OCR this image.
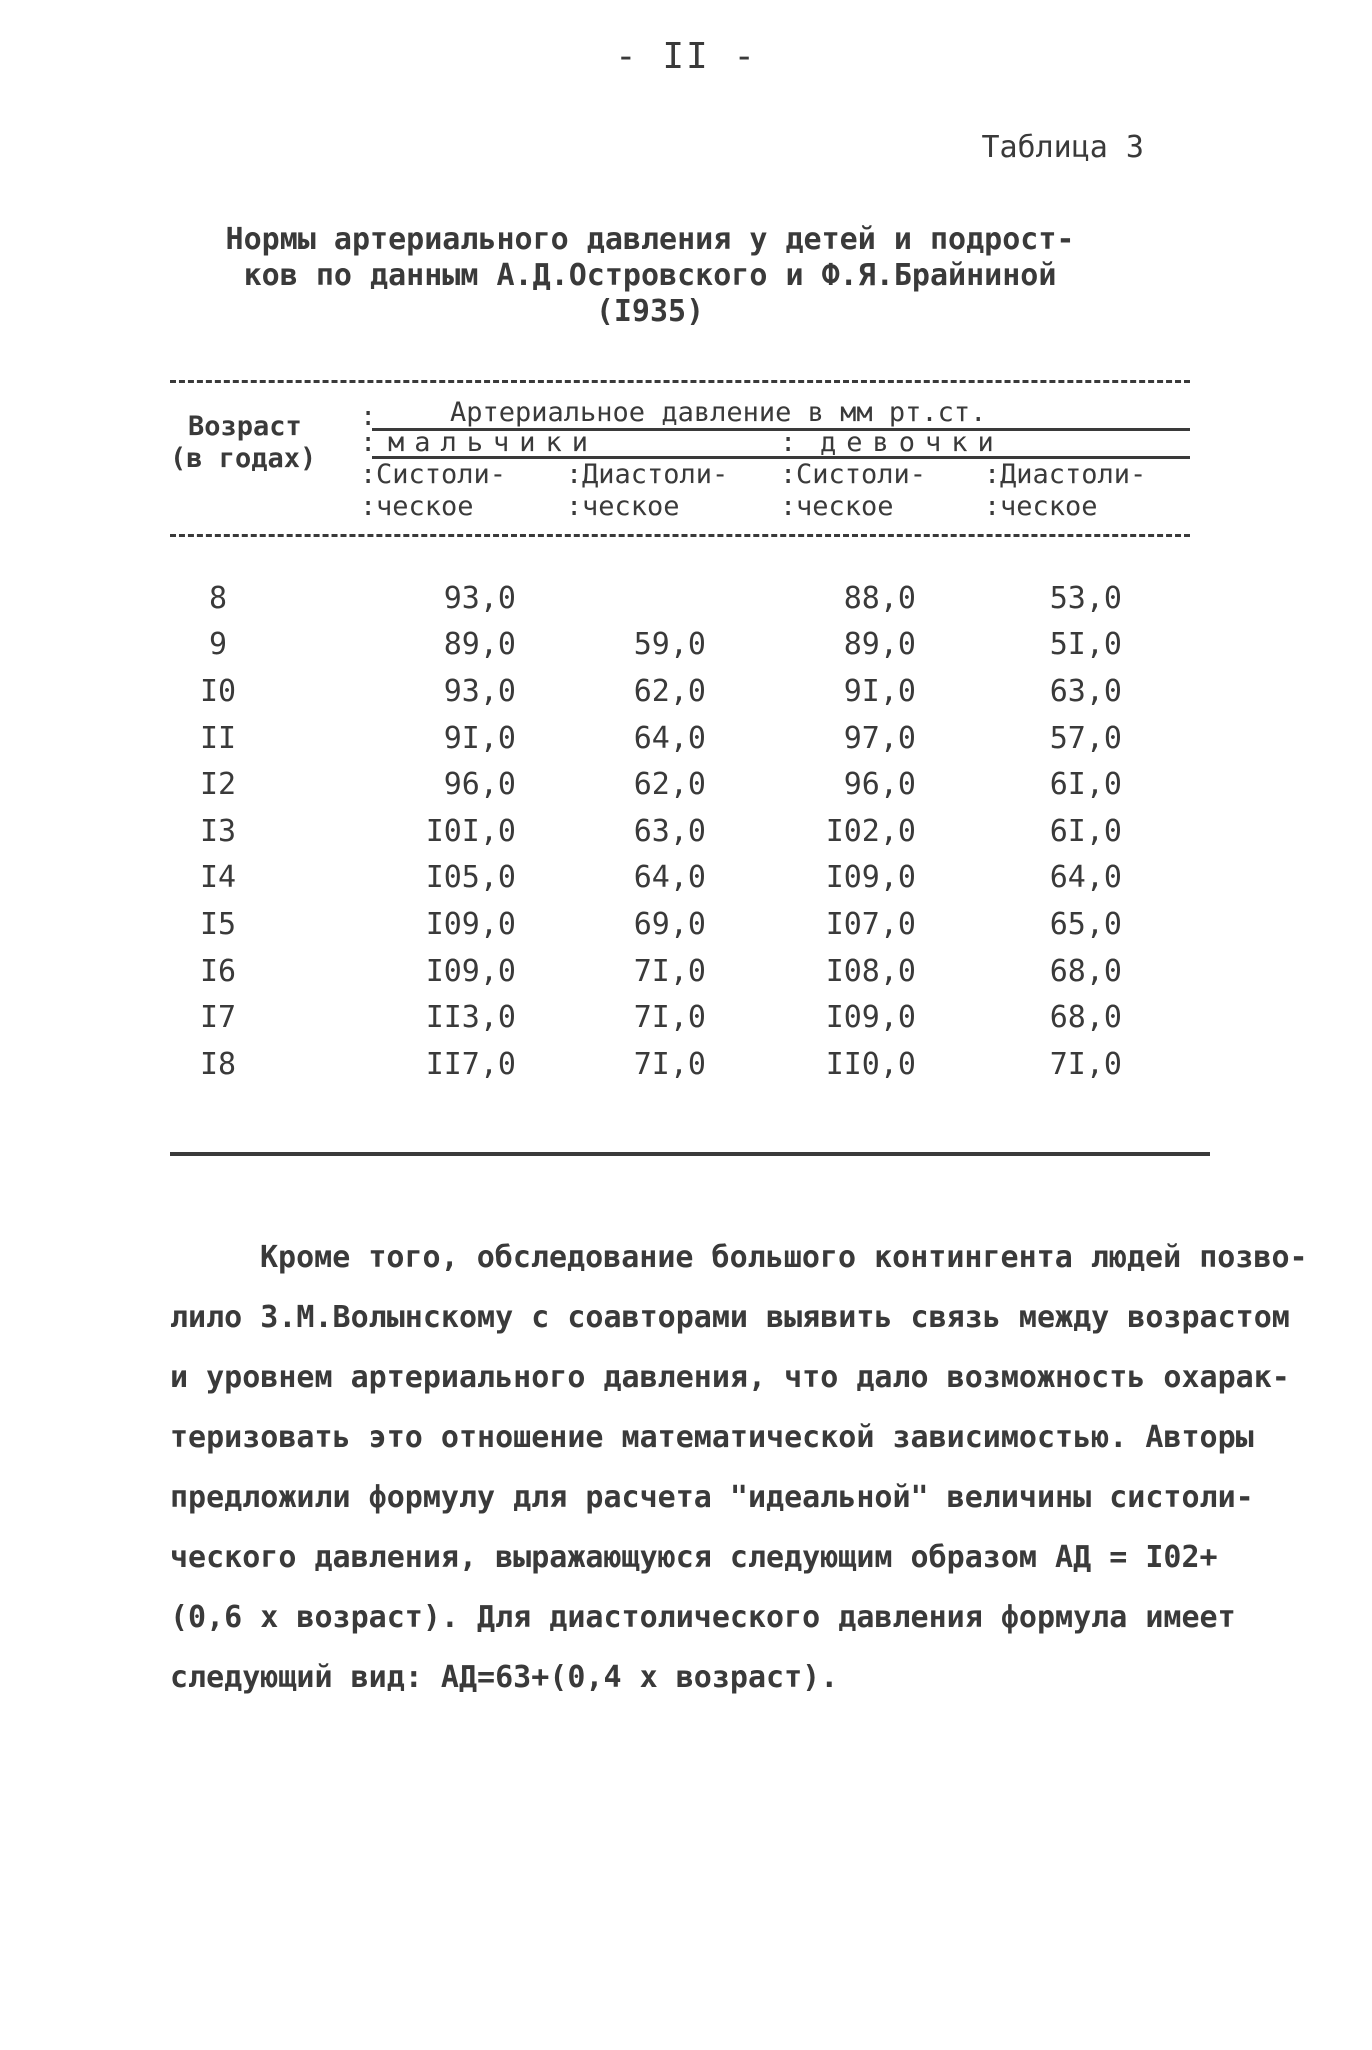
- II -
Таблица 3
Нормы артериального давления у детей и подрост-
ков по данным А.Д.Островского и Ф.Я.Брайниной
(I935)
Возраст
(в годах)
:	Артериальное давление в мм рт.ст.
: мальчики	: девочки
: Систоли- : Диастоли- : Систоли- : Диастоли-
: ческое	: ческое	: ческое	: ческое
8	93,0		88,0	53,0
9	89,0	59,0	89,0	5I,0
I0	93,0	62,0	9I,0	63,0
II	9I,0	64,0	97,0	57,0
I2	96,0	62,0	96,0	6I,0
I3	I0I,0	63,0	I02,0	6I,0
I4	I05,0	64,0	I09,0	64,0
I5	I09,0	69,0	I07,0	65,0
I6	I09,0	7I,0	I08,0	68,0
I7	II3,0	7I,0	I09,0	68,0
I8	II7,0	7I,0	II0,0	7I,0
Кроме того, обследование большого контингента людей позво-
лило З.М.Волынскому с соавторами выявить связь между возрастом
и уровнем артериального давления, что дало возможность охарак-
теризовать это отношение математической зависимостью. Авторы
предложили формулу для расчета "идеальной" величины систоли-
ческого давления, выражающуюся следующим образом АД = I02+
(0,6 х возраст). Для диастолического давления формула имеет
следующий вид: АД=63+(0,4 х возраст).
